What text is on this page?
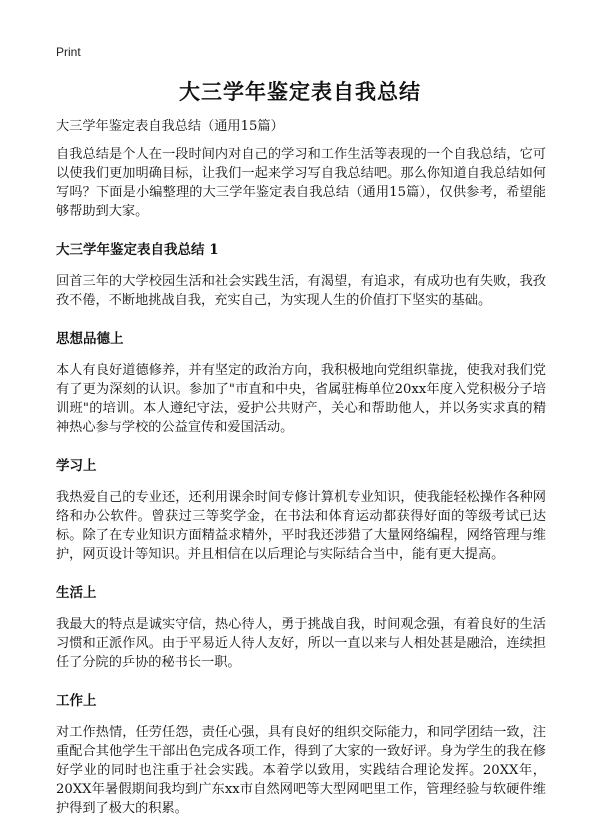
Print
大三学年鉴定表自我总结

大三学年鉴定表自我总结（通用15篇）

自我总结是个人在一段时间内对自己的学习和工作生活等表现的一个自我总结，它可以使我们更加明确目标，让我们一起来学习写自我总结吧。那么你知道自我总结如何写吗？下面是小编整理的大三学年鉴定表自我总结（通用15篇），仅供参考，希望能够帮助到大家。

大三学年鉴定表自我总结 1

回首三年的大学校园生活和社会实践生活，有渴望，有追求，有成功也有失败，我孜孜不倦，不断地挑战自我，充实自己，为实现人生的价值打下坚实的基础。

思想品德上

本人有良好道德修养，并有坚定的政治方向，我积极地向党组织靠拢，使我对我们党有了更为深刻的认识。参加了"市直和中央，省属驻梅单位20xx年度入党积极分子培训班"的培训。本人遵纪守法，爱护公共财产，关心和帮助他人，并以务实求真的精神热心参与学校的公益宣传和爱国活动。

学习上

我热爱自己的专业还，还利用课余时间专修计算机专业知识，使我能轻松操作各种网络和办公软件。曾获过三等奖学金，在书法和体育运动都获得好面的等级考试已达标。除了在专业知识方面精益求精外，平时我还涉猎了大量网络编程，网络管理与维护，网页设计等知识。并且相信在以后理论与实际结合当中，能有更大提高。

生活上

我最大的特点是诚实守信，热心待人，勇于挑战自我，时间观念强，有着良好的生活习惯和正派作风。由于平易近人待人友好，所以一直以来与人相处甚是融洽，连续担任了分院的乒协的秘书长一职。

工作上

对工作热情，任劳任怨，责任心强，具有良好的组织交际能力，和同学团结一致，注重配合其他学生干部出色完成各项工作，得到了大家的一致好评。身为学生的我在修好学业的同时也注重于社会实践。本着学以致用，实践结合理论发挥。20XX年，20XX年暑假期间我均到广东xx市自然网吧等大型网吧里工作，管理经验与软硬件维护得到了极大的积累。
